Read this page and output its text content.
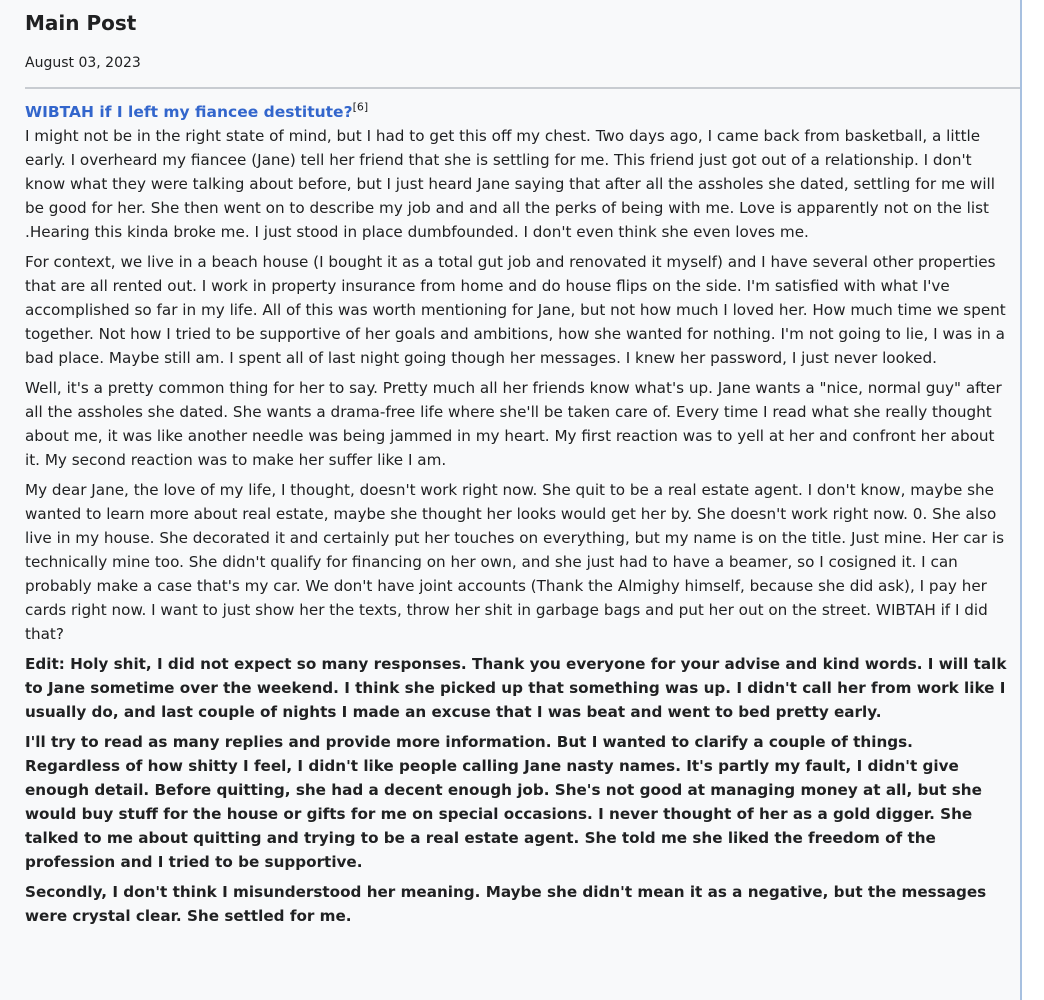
Main Post
August 03, 2023
WIBTAH if I left my fiancee destitute?[6]

I might not be in the right state of mind, but I had to get this off my chest. Two days ago, I came back from basketball, a little early. I overheard my fiancee (Jane) tell her friend that she is settling for me. This friend just got out of a relationship. I don't know what they were talking about before, but I just heard Jane saying that after all the assholes she dated, settling for me will be good for her. She then went on to describe my job and and all the perks of being with me. Love is apparently not on the list .Hearing this kinda broke me. I just stood in place dumbfounded. I don't even think she even loves me.

For context, we live in a beach house (I bought it as a total gut job and renovated it myself) and I have several other properties that are all rented out. I work in property insurance from home and do house flips on the side. I'm satisfied with what I've accomplished so far in my life. All of this was worth mentioning for Jane, but not how much I loved her. How much time we spent together. Not how I tried to be supportive of her goals and ambitions, how she wanted for nothing. I'm not going to lie, I was in a bad place. Maybe still am. I spent all of last night going though her messages. I knew her password, I just never looked.

Well, it's a pretty common thing for her to say. Pretty much all her friends know what's up. Jane wants a "nice, normal guy" after all the assholes she dated. She wants a drama-free life where she'll be taken care of. Every time I read what she really thought about me, it was like another needle was being jammed in my heart. My first reaction was to yell at her and confront her about it. My second reaction was to make her suffer like I am.

My dear Jane, the love of my life, I thought, doesn't work right now. She quit to be a real estate agent. I don't know, maybe she wanted to learn more about real estate, maybe she thought her looks would get her by. She doesn't work right now. 0. She also live in my house. She decorated it and certainly put her touches on everything, but my name is on the title. Just mine. Her car is technically mine too. She didn't qualify for financing on her own, and she just had to have a beamer, so I cosigned it. I can probably make a case that's my car. We don't have joint accounts (Thank the Almighy himself, because she did ask), I pay her cards right now. I want to just show her the texts, throw her shit in garbage bags and put her out on the street. WIBTAH if I did that?

Edit: Holy shit, I did not expect so many responses. Thank you everyone for your advise and kind words. I will talk to Jane sometime over the weekend. I think she picked up that something was up. I didn't call her from work like I usually do, and last couple of nights I made an excuse that I was beat and went to bed pretty early.

I'll try to read as many replies and provide more information. But I wanted to clarify a couple of things. Regardless of how shitty I feel, I didn't like people calling Jane nasty names. It's partly my fault, I didn't give enough detail. Before quitting, she had a decent enough job. She's not good at managing money at all, but she would buy stuff for the house or gifts for me on special occasions. I never thought of her as a gold digger. She talked to me about quitting and trying to be a real estate agent. She told me she liked the freedom of the profession and I tried to be supportive.

Secondly, I don't think I misunderstood her meaning. Maybe she didn't mean it as a negative, but the messages were crystal clear. She settled for me.
